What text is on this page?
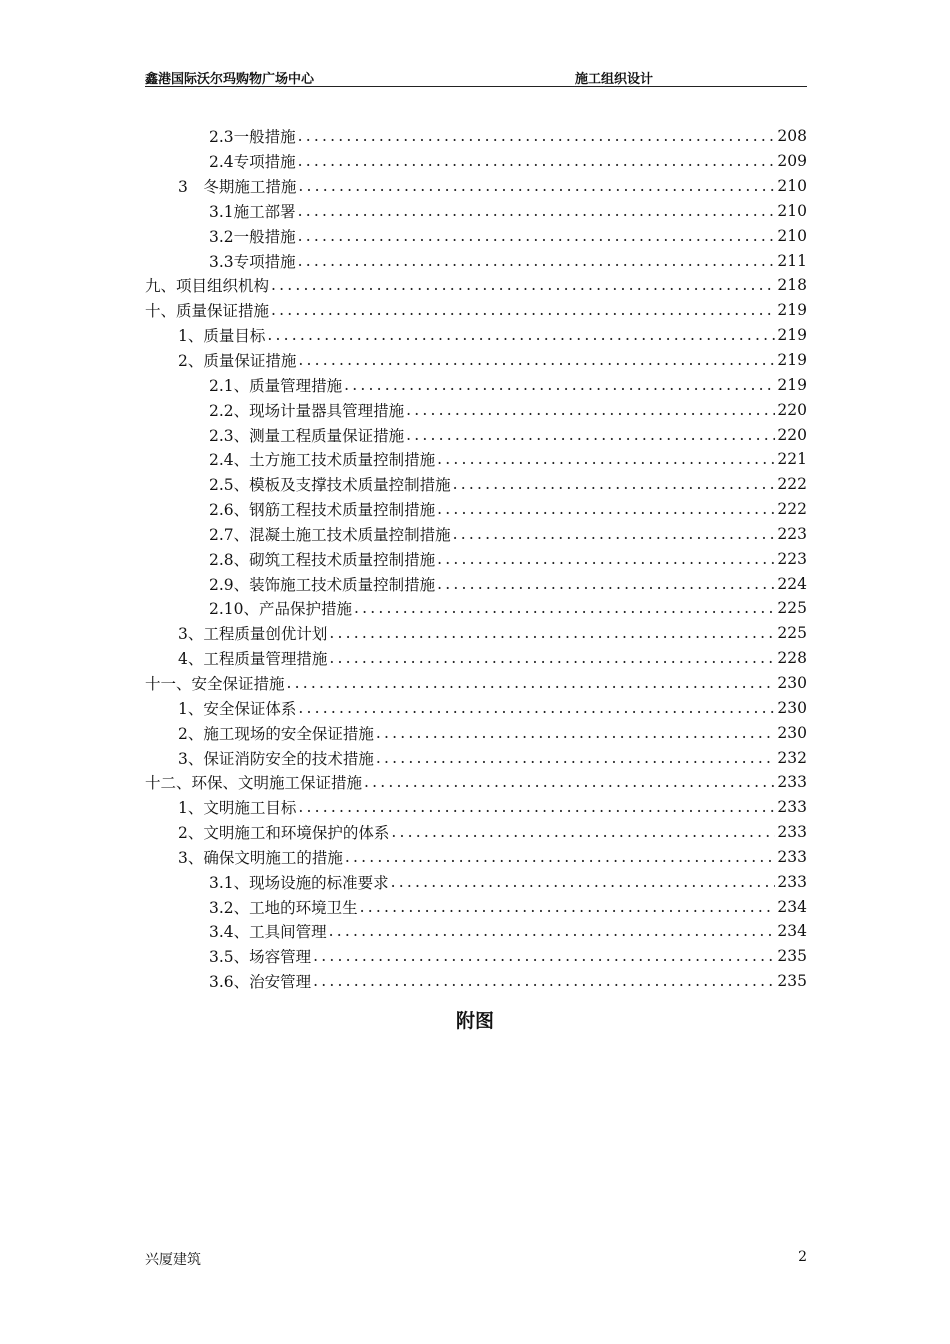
鑫港国际沃尔玛购物广场中心	施工组织设计
2.3一般措施 .....	208
2.4专项措施 .....	209
3　冬期施工措施 .....	210
3.1施工部署 .....	210
3.2一般措施 .....	210
3.3专项措施 .....	211
九、项目组织机构 .....	218
十、质量保证措施 .....	219
1、质量目标 .....	219
2、质量保证措施 .....	219
2.1、质量管理措施 .....	219
2.2、现场计量器具管理措施 .....	220
2.3、测量工程质量保证措施 .....	220
2.4、土方施工技术质量控制措施 .....	221
2.5、模板及支撑技术质量控制措施 .....	222
2.6、钢筋工程技术质量控制措施 .....	222
2.7、混凝土施工技术质量控制措施 .....	223
2.8、砌筑工程技术质量控制措施 .....	223
2.9、装饰施工技术质量控制措施 .....	224
2.10、产品保护措施 .....	225
3、工程质量创优计划 .....	225
4、工程质量管理措施 .....	228
十一、安全保证措施 .....	230
1、安全保证体系 .....	230
2、施工现场的安全保证措施 .....	230
3、保证消防安全的技术措施 .....	232
十二、环保、文明施工保证措施 .....	233
1、文明施工目标 .....	233
2、文明施工和环境保护的体系 .....	233
3、确保文明施工的措施 .....	233
3.1、现场设施的标准要求 .....	233
3.2、工地的环境卫生 .....	234
3.4、工具间管理 .....	234
3.5、场容管理 .....	235
3.6、治安管理 .....	235
附图
兴厦建筑	2
